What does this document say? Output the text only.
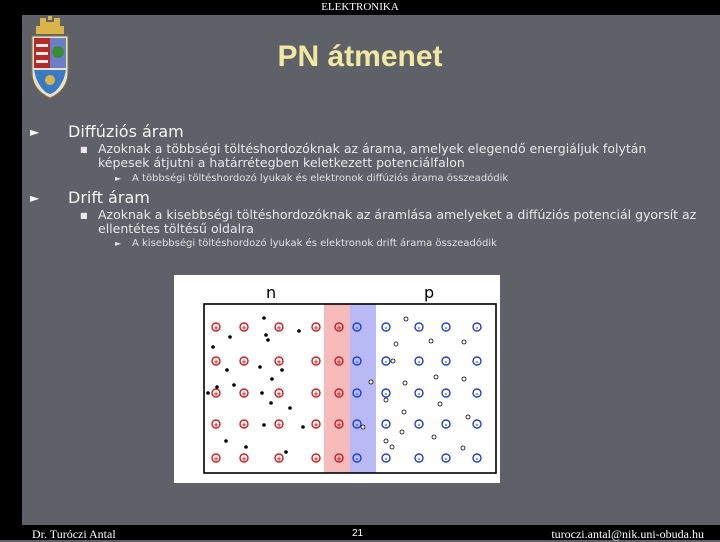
ELEKTRONIKA
PN átmenet
► Diffúziós áram
■ Azoknak a többségi töltéshordozóknak az árama, amelyek elegendő energiáljuk folytán képesek átjutni a határrétegben keletkezett potenciálfalon
► A többségi töltéshordozó lyukak és elektronok diffúziós árama összeadódik
► Drift áram
■ Azoknak a kisebbségi töltéshordozóknak az áramlása amelyeket a diffúziós potenciál gyorsít az ellentétes töltésű oldalra
► A kisebbségi töltéshordozó lyukak és elektronok drift árama összeadódik
n	p
+	+	+	+ + -	-	-	-	-
+	+	+	+ + -	-	-	-	-
+	+	+	+ + -	-	-	-	-
+	+	+	+ + -	-	-	-	-
+	+	+	+ + -	-	-	-	-
Dr. Turóczi Antal	21	turoczi.antal@nik.uni-obuda.hu
